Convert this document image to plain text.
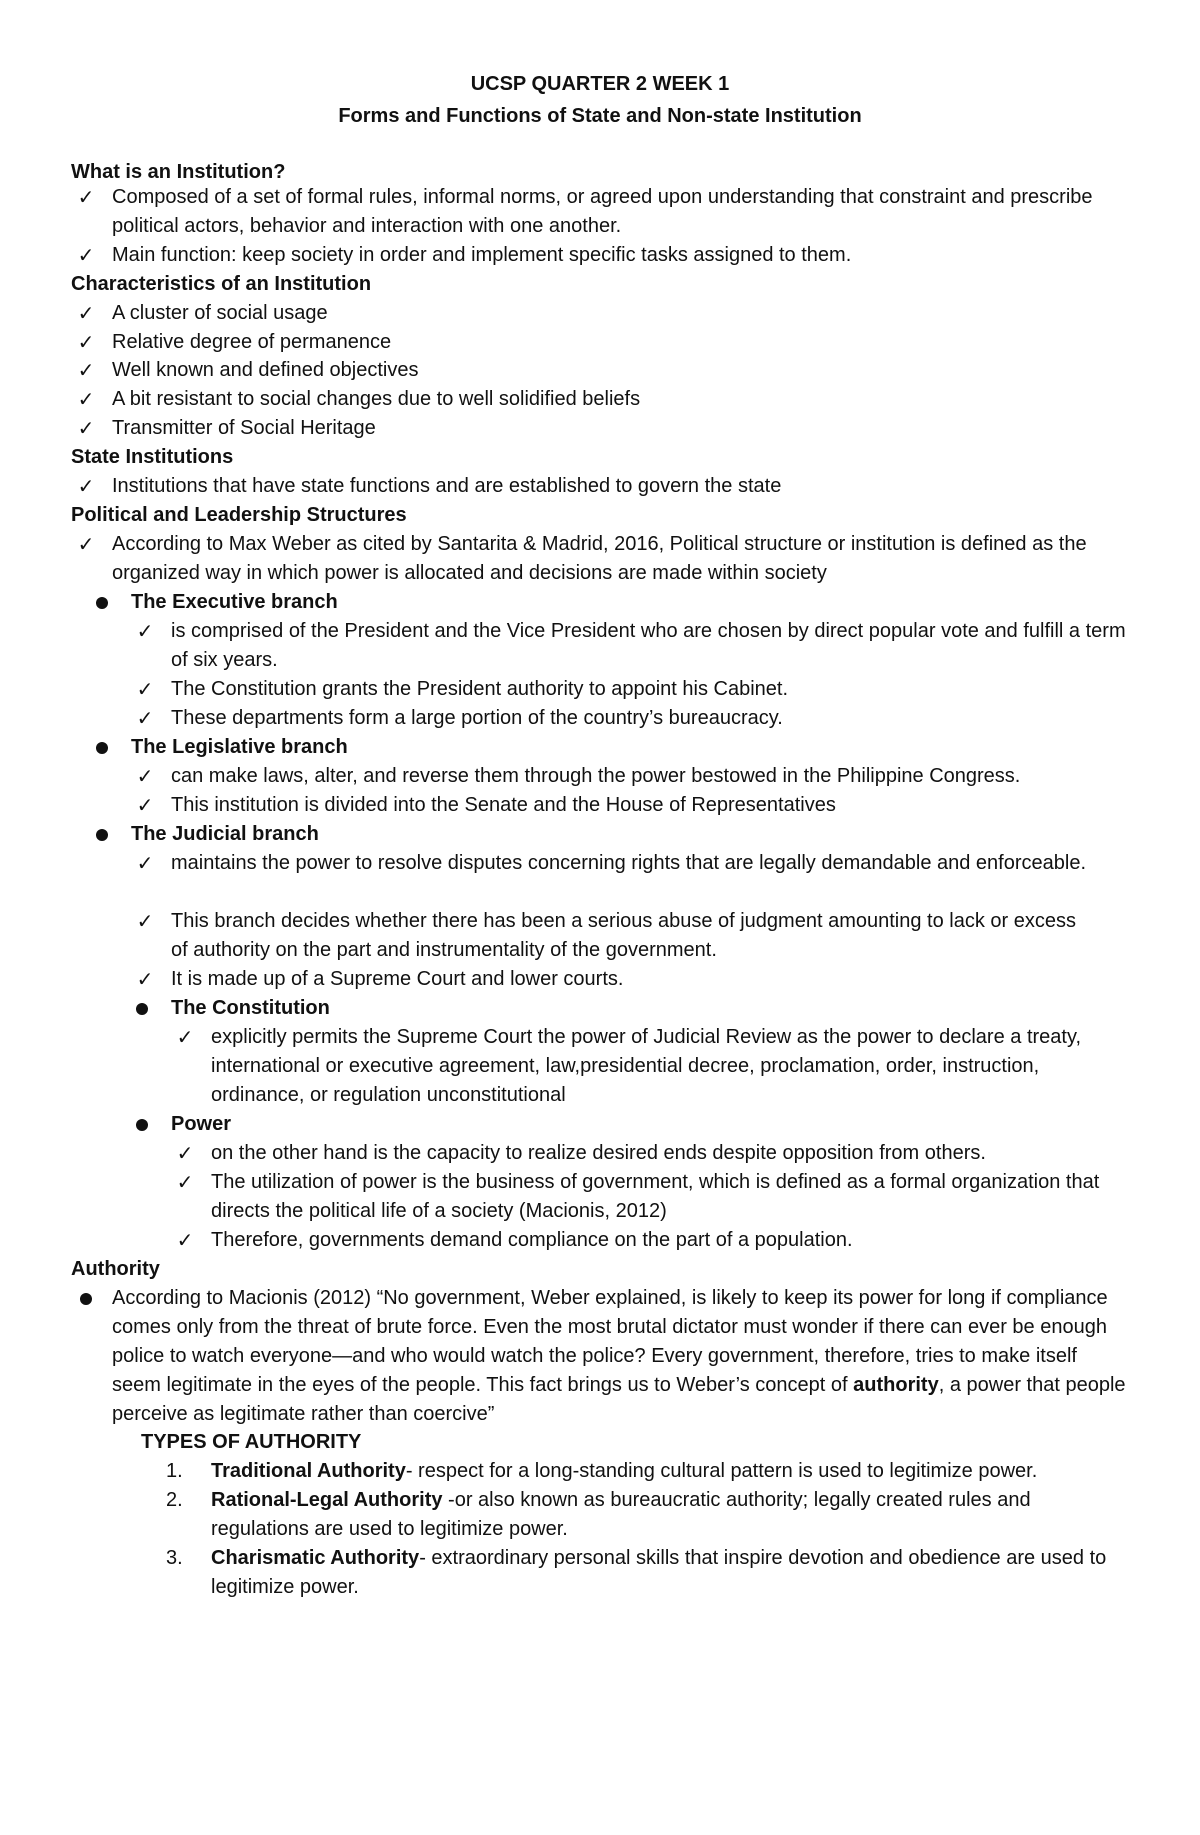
UCSP QUARTER 2 WEEK 1
Forms and Functions of State and Non-state Institution
What is an Institution?
✓ Composed of a set of formal rules, informal norms, or agreed upon understanding that constraint and prescribe political actors, behavior and interaction with one another.
✓ Main function: keep society in order and implement specific tasks assigned to them.
Characteristics of an Institution
✓ A cluster of social usage
✓ Relative degree of permanence
✓ Well known and defined objectives
✓ A bit resistant to social changes due to well solidified beliefs
✓ Transmitter of Social Heritage
State Institutions
✓ Institutions that have state functions and are established to govern the state
Political and Leadership Structures
✓ According to Max Weber as cited by Santarita & Madrid, 2016, Political structure or institution is defined as the organized way in which power is allocated and decisions are made within society
The Executive branch
✓ is comprised of the President and the Vice President who are chosen by direct popular vote and fulfill a term of six years.
✓ The Constitution grants the President authority to appoint his Cabinet.
✓ These departments form a large portion of the country’s bureaucracy.
The Legislative branch
✓ can make laws, alter, and reverse them through the power bestowed in the Philippine Congress.
✓ This institution is divided into the Senate and the House of Representatives
The Judicial branch
✓ maintains the power to resolve disputes concerning rights that are legally demandable and enforceable.
✓ This branch decides whether there has been a serious abuse of judgment amounting to lack or excess of authority on the part and instrumentality of the government.
✓ It is made up of a Supreme Court and lower courts.
The Constitution
✓ explicitly permits the Supreme Court the power of Judicial Review as the power to declare a treaty, international or executive agreement, law,presidential decree, proclamation, order, instruction, ordinance, or regulation unconstitutional
Power
✓ on the other hand is the capacity to realize desired ends despite opposition from others.
✓ The utilization of power is the business of government, which is defined as a formal organization that directs the political life of a society (Macionis, 2012)
✓ Therefore, governments demand compliance on the part of a population.
Authority
According to Macionis (2012) “No government, Weber explained, is likely to keep its power for long if compliance comes only from the threat of brute force. Even the most brutal dictator must wonder if there can ever be enough police to watch everyone—and who would watch the police? Every government, therefore, tries to make itself seem legitimate in the eyes of the people. This fact brings us to Weber’s concept of authority, a power that people perceive as legitimate rather than coercive”
TYPES OF AUTHORITY
1.	Traditional Authority- respect for a long-standing cultural pattern is used to legitimize power.
2.	Rational-Legal Authority -or also known as bureaucratic authority; legally created rules and regulations are used to legitimize power.
3.	Charismatic Authority- extraordinary personal skills that inspire devotion and obedience are used to legitimize power.
